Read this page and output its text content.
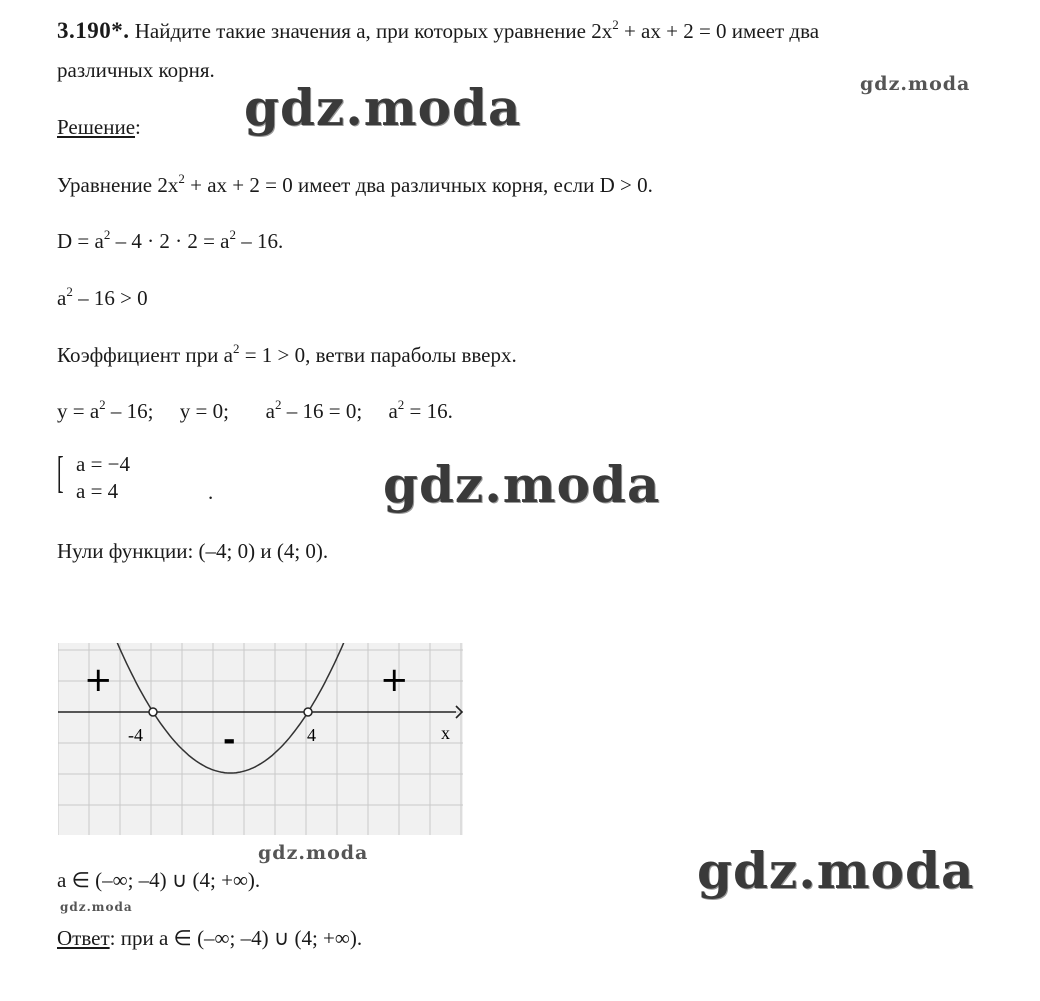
3.190*. Найдите такие значения а, при которых уравнение $2x^2$ + ax + 2 = 0 имеет два
различных корня.
gdz.moda	gdz.moda
gdz.moda
gdz.moda	gdz.moda
gdz.moda
Решение:
Уравнение $2x^2$ + ax + 2 = 0 имеет два различных корня, если D > 0.
$D = a^2 - 4 \cdot 2 \cdot 2 = a^2 - 16$.
$a^2 - 16 > 0$
Коэффициент при $a^2 = 1 > 0$, ветви параболы вверх.
$y = a^2 - 16$;     y = 0;       $a^2 - 16 = 0$;     $a^2 = 16$.
[ a = −4
a = 4	.
Нули функции: (–4; 0) и (4; 0).
+	+
-
-4	4	x
a ∈ (–∞; –4) ∪ (4; +∞).
Ответ: при a ∈ (–∞; –4) ∪ (4; +∞).
